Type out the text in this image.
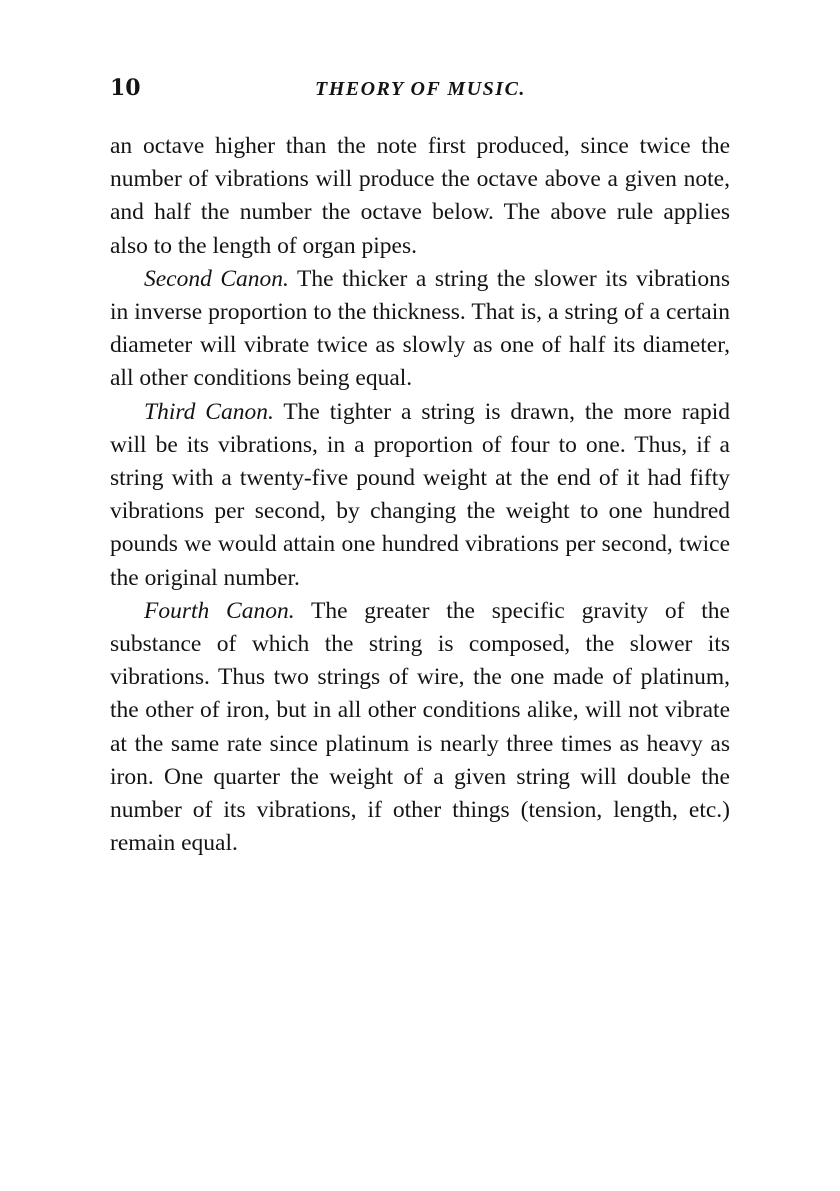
10	THEORY OF MUSIC.

an octave higher than the note first produced, since twice the number of vibrations will produce the octave above a given note, and half the number the octave below. The above rule applies also to the length of organ pipes.

Second Canon. The thicker a string the slower its vibrations in inverse proportion to the thickness. That is, a string of a certain diameter will vibrate twice as slowly as one of half its diameter, all other conditions being equal.

Third Canon. The tighter a string is drawn, the more rapid will be its vibrations, in a proportion of four to one. Thus, if a string with a twenty-five pound weight at the end of it had fifty vibrations per second, by changing the weight to one hundred pounds we would attain one hundred vibrations per second, twice the original number.

Fourth Canon. The greater the specific gravity of the substance of which the string is composed, the slower its vibrations. Thus two strings of wire, the one made of platinum, the other of iron, but in all other conditions alike, will not vibrate at the same rate since platinum is nearly three times as heavy as iron. One quarter the weight of a given string will double the number of its vibrations, if other things (tension, length, etc.) remain equal.
